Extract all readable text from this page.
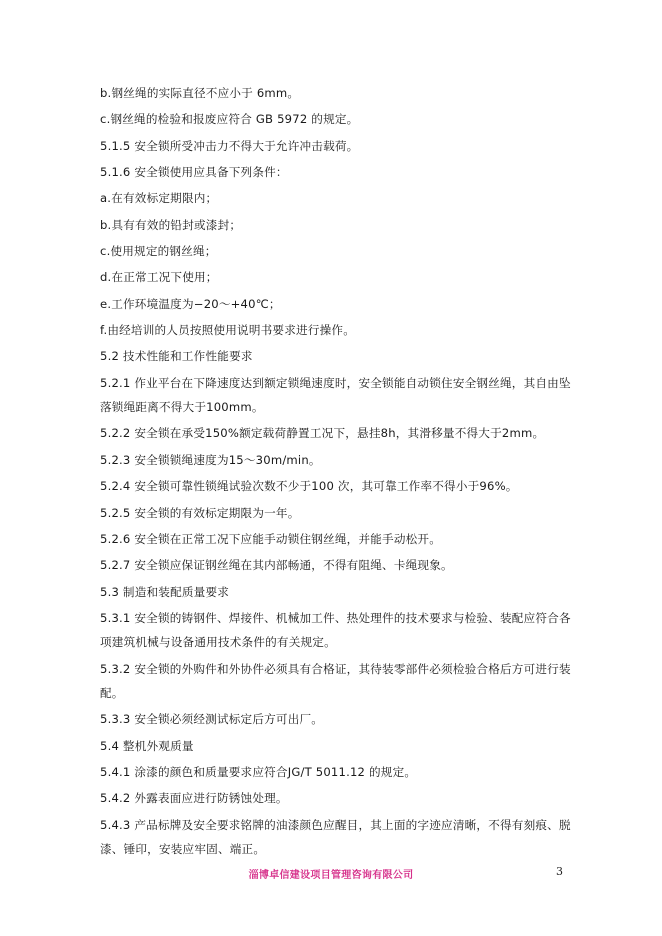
b.钢丝绳的实际直径不应小于 6mm。
c.钢丝绳的检验和报废应符合 GB 5972 的规定。
5.1.5 安全锁所受冲击力不得大于允许冲击载荷。
5.1.6 安全锁使用应具备下列条件：
a.在有效标定期限内；
b.具有有效的铅封或漆封；
c.使用规定的钢丝绳；
d.在正常工况下使用；
e.工作环境温度为−20～+40℃；
f.由经培训的人员按照使用说明书要求进行操作。
5.2 技术性能和工作性能要求
5.2.1 作业平台在下降速度达到额定锁绳速度时，安全锁能自动锁住安全钢丝绳，其自由坠
落锁绳距离不得大于100mm。
5.2.2 安全锁在承受150%额定载荷静置工况下，悬挂8h，其滑移量不得大于2mm。
5.2.3 安全锁锁绳速度为15～30m/min。
5.2.4 安全锁可靠性锁绳试验次数不少于100 次，其可靠工作率不得小于96%。
5.2.5 安全锁的有效标定期限为一年。
5.2.6 安全锁在正常工况下应能手动锁住钢丝绳，并能手动松开。
5.2.7 安全锁应保证钢丝绳在其内部畅通，不得有阻绳、卡绳现象。
5.3 制造和装配质量要求
5.3.1 安全锁的铸钢件、焊接件、机械加工件、热处理件的技术要求与检验、装配应符合各
项建筑机械与设备通用技术条件的有关规定。
5.3.2 安全锁的外购件和外协件必须具有合格证，其待装零部件必须检验合格后方可进行装
配。
5.3.3 安全锁必须经测试标定后方可出厂。
5.4 整机外观质量
5.4.1 涂漆的颜色和质量要求应符合JG/T 5011.12 的规定。
5.4.2 外露表面应进行防锈蚀处理。
5.4.3 产品标牌及安全要求铭牌的油漆颜色应醒目，其上面的字迹应清晰，不得有刻痕、脱
漆、锤印，安装应牢固、端正。
淄博卓信建设项目管理咨询有限公司	3
